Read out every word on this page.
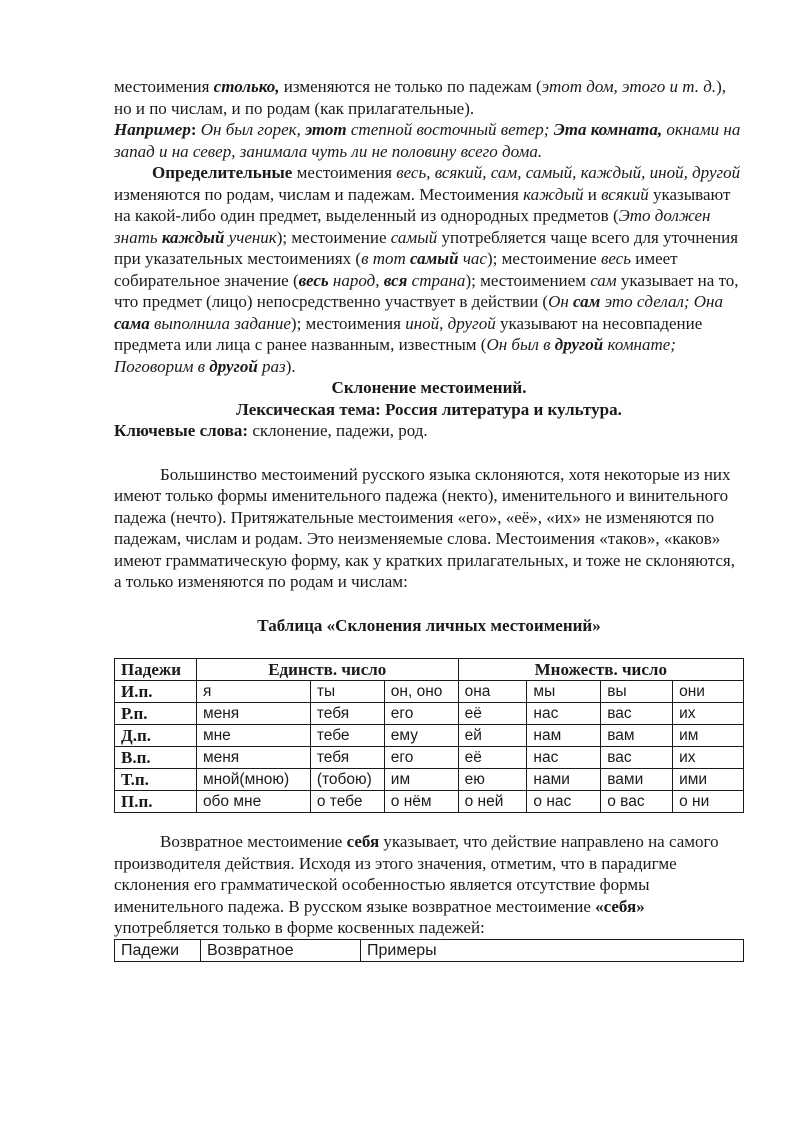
местоимения столько, изменяются не только по падежам (этот дом, этого и т. д.), но и по числам, и по родам (как прилагательные).

Например: Он был горек, этот степной восточный ветер; Эта комната, окнами на запад и на север, занимала чуть ли не половину всего дома.

Определительные местоимения весь, всякий, сам, самый, каждый, иной, другой изменяются по родам, числам и падежам. Местоимения каждый и всякий указывают на какой-либо один предмет, выделенный из однородных предметов (Это должен знать каждый ученик); местоимение самый употребляется чаще всего для уточнения при указательных местоимениях (в тот самый час); местоимение весь имеет собирательное значение (весь народ, вся страна); местоимением сам указывает на то, что предмет (лицо) непосредственно участвует в действии (Он сам это сделал; Она сама выполнила задание); местоимения иной, другой указывают на несовпадение предмета или лица с ранее названным, известным (Он был в другой комнате; Поговорим в другой раз).

Склонение местоимений.

Лексическая тема: Россия литература и культура.

Ключевые слова: склонение, падежи, род.

Большинство местоимений русского языка склоняются, хотя некоторые из них имеют только формы именительного падежа (некто), именительного и винительного падежа (нечто). Притяжательные местоимения «его», «её», «их» не изменяются по падежам, числам и родам. Это неизменяемые слова. Местоимения «таков», «каков» имеют грамматическую форму, как у кратких прилагательных, и тоже не склоняются, а только изменяются по родам и числам:

Таблица «Склонения личных местоимений»

Падежи	Единств. число			Множеств. число			
И.п.	я	ты	он, оно	она	мы	вы	они
Р.п.	меня	тебя	его	её	нас	вас	их
Д.п.	мне	тебе	ему	ей	нам	вам	им
В.п.	меня	тебя	его	её	нас	вас	их
Т.п.	мной(мною)	(тобою)	им	ею	нами	вами	ими
П.п.	обо мне	о тебе	о нём	о ней	о нас	о вас	о ни

Возвратное местоимение себя указывает, что действие направлено на самого производителя действия. Исходя из этого значения, отметим, что в парадигме склонения его грамматической особенностью является отсутствие формы именительного падежа. В русском языке возвратное местоимение «себя» употребляется только в форме косвенных падежей:

Падежи	Возвратное	Примеры
